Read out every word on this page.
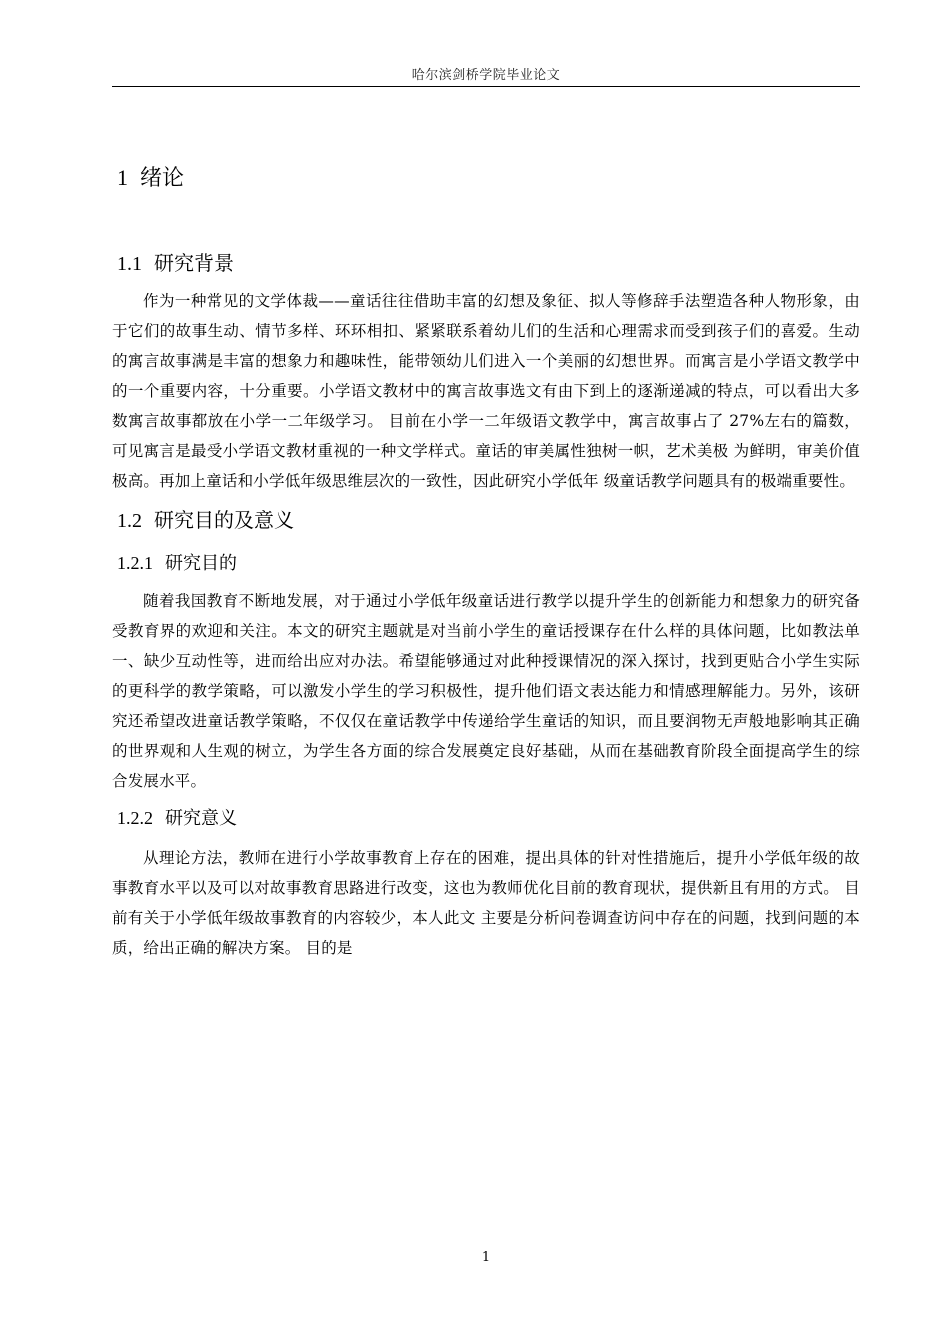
哈尔滨剑桥学院毕业论文
1 绪论
1.1 研究背景

作为一种常见的文学体裁——童话往往借助丰富的幻想及象征、拟人等修辞手法塑造各种人物形象，由于它们的故事生动、情节多样、环环相扣、紧紧联系着幼儿们的生活和心理需求而受到孩子们的喜爱。生动的寓言故事满是丰富的想象力和趣味性，能带领幼儿们进入一个美丽的幻想世界。而寓言是小学语文教学中的一个重要内容，十分重要。小学语文教材中的寓言故事选文有由下到上的逐渐递减的特点，可以看出大多数寓言故事都放在小学一二年级学习。 目前在小学一二年级语文教学中，寓言故事占了 27%左右的篇数， 可见寓言是最受小学语文教材重视的一种文学样式。童话的审美属性独树一帜，艺术美极 为鲜明，审美价值极高。再加上童话和小学低年级思维层次的一致性，因此研究小学低年 级童话教学问题具有的极端重要性。

1.2 研究目的及意义
1.2.1 研究目的

随着我国教育不断地发展，对于通过小学低年级童话进行教学以提升学生的创新能力和想象力的研究备受教育界的欢迎和关注。本文的研究主题就是对当前小学生的童话授课存在什么样的具体问题，比如教法单一、缺少互动性等，进而给出应对办法。希望能够通过对此种授课情况的深入探讨，找到更贴合小学生实际的更科学的教学策略，可以激发小学生的学习积极性，提升他们语文表达能力和情感理解能力。另外，该研究还希望改进童话教学策略，不仅仅在童话教学中传递给学生童话的知识，而且要润物无声般地影响其正确的世界观和人生观的树立，为学生各方面的综合发展奠定良好基础，从而在基础教育阶段全面提高学生的综合发展水平。

1.2.2 研究意义

从理论方法，教师在进行小学故事教育上存在的困难，提出具体的针对性措施后，提升小学低年级的故事教育水平以及可以对故事教育思路进行改变，这也为教师优化目前的教育现状，提供新且有用的方式。 目前有关于小学低年级故事教育的内容较少，本人此文 主要是分析问卷调查访问中存在的问题，找到问题的本质，给出正确的解决方案。 目的是

1
